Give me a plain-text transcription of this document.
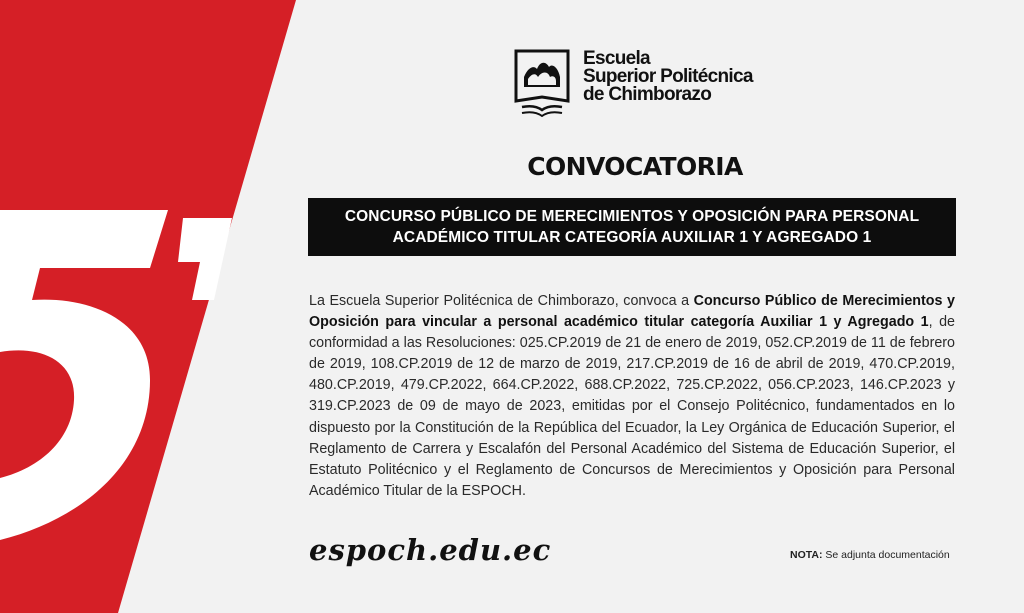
Escuela
Superior Politécnica
de Chimborazo
CONVOCATORIA
CONCURSO PÚBLICO DE MERECIMIENTOS Y OPOSICIÓN PARA PERSONAL
ACADÉMICO TITULAR CATEGORÍA AUXILIAR 1 Y AGREGADO 1
La Escuela Superior Politécnica de Chimborazo, convoca a Concurso Público de Merecimientos y Oposición para vincular a personal académico titular categoría Auxiliar 1 y Agregado 1, de conformidad a las Resoluciones: 025.CP.2019 de 21 de enero de 2019, 052.CP.2019 de 11 de febrero de 2019, 108.CP.2019 de 12 de marzo de 2019, 217.CP.2019 de 16 de abril de 2019, 470.CP.2019, 480.CP.2019, 479.CP.2022, 664.CP.2022, 688.CP.2022, 725.CP.2022, 056.CP.2023, 146.CP.2023 y 319.CP.2023 de 09 de mayo de 2023, emitidas por el Consejo Politécnico, fundamentados en lo dispuesto por la Constitución de la República del Ecuador, la Ley Orgánica de Educación Superior, el Reglamento de Carrera y Escalafón del Personal Académico del Sistema de Educación Superior, el Estatuto Politécnico y el Reglamento de Concursos de Merecimientos y Oposición para Personal Académico Titular de la ESPOCH.
espoch.edu.ec	NOTA: Se adjunta documentación
